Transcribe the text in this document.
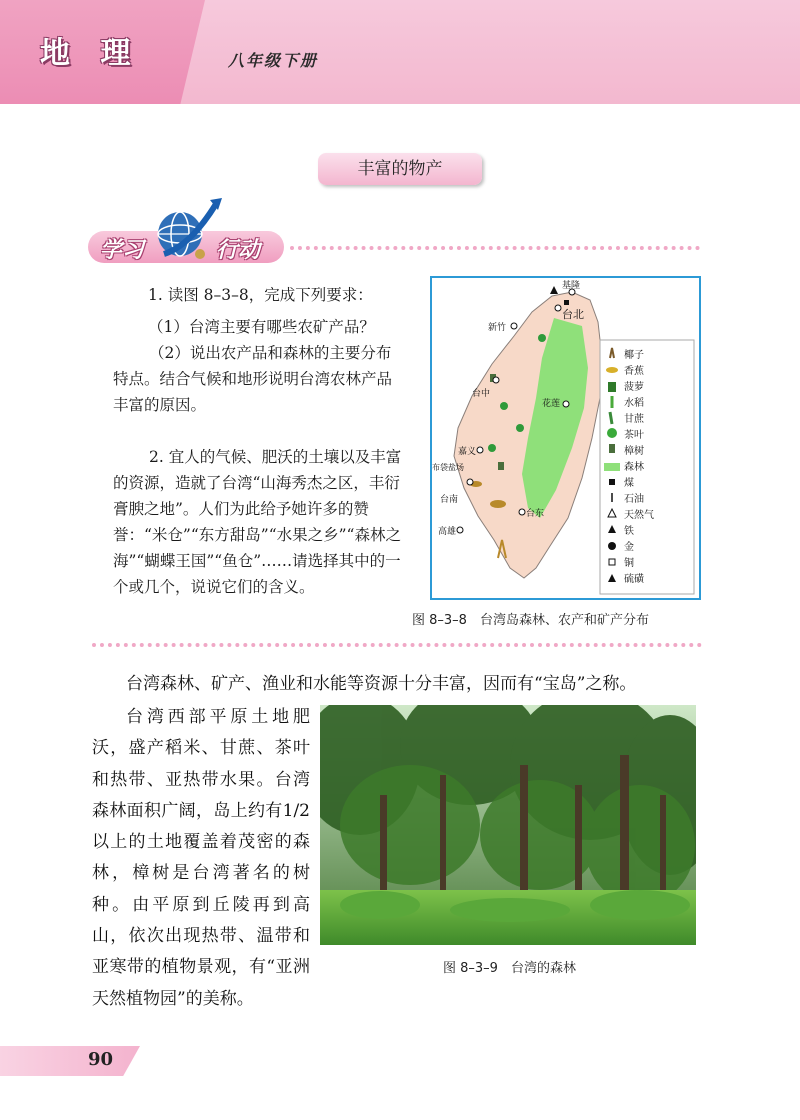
地 理	八年级下册
丰富的物产
学习	行动
1. 读图 8–3–8，完成下列要求：
（1）台湾主要有哪些农矿产品？
（2）说出农产品和森林的主要分布特点。结合气候和地形说明台湾农林产品丰富的原因。
2. 宜人的气候、肥沃的土壤以及丰富的资源，造就了台湾“山海秀杰之区，丰衍膏腴之地”。人们为此给予她许多的赞誉：“米仓”“东方甜岛”“水果之乡”“森林之海”“蝴蝶王国”“鱼仓”……请选择其中的一个或几个，说说它们的含义。
基隆
台北
新竹
台中
花莲
嘉义
布袋盐场
台南
台东
高雄
椰子
香蕉
菠萝
水稻
甘蔗
茶叶
樟树
森林
煤
石油
天然气
铁
金
铜
硫磺
图 8–3–8　台湾岛森林、农产和矿产分布
台湾森林、矿产、渔业和水能等资源十分丰富，因而有“宝岛”之称。
台湾西部平原土地肥沃，盛产稻米、甘蔗、茶叶和热带、亚热带水果。台湾森林面积广阔，岛上约有1/2以上的土地覆盖着茂密的森林，樟树是台湾著名的树种。由平原到丘陵再到高山，依次出现热带、温带和亚寒带的植物景观，有“亚洲天然植物园”的美称。
图 8–3–9　台湾的森林
90
